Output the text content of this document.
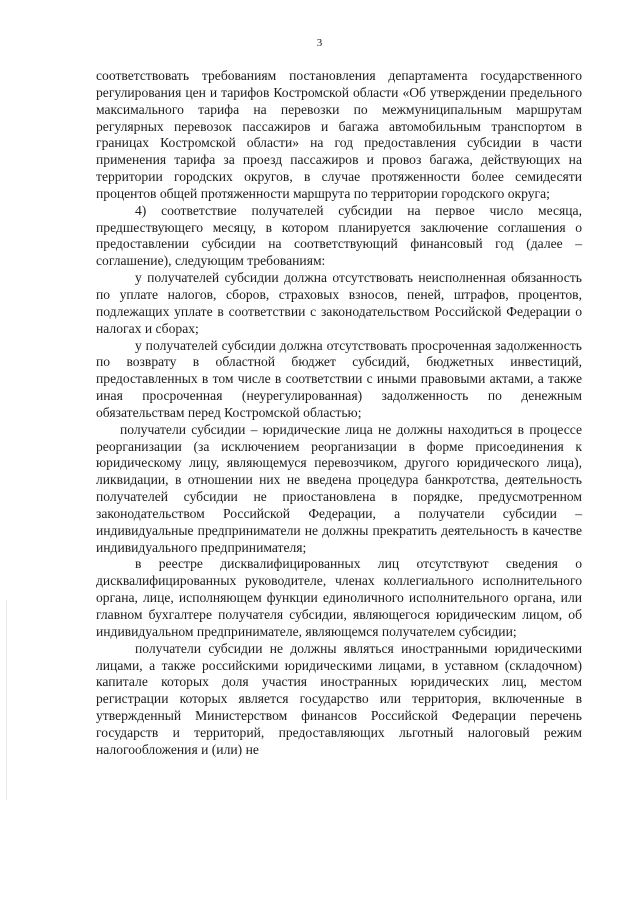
3

соответствовать требованиям постановления департамента государственного регулирования цен и тарифов Костромской области «Об утверждении предельного максимального тарифа на перевозки по межмуниципальным маршрутам регулярных перевозок пассажиров и багажа автомобильным транспортом в границах Костромской области» на год предоставления субсидии в части применения тарифа за проезд пассажиров и провоз багажа, действующих на территории городских округов, в случае протяженности более семидесяти процентов общей протяженности маршрута по территории городского округа;

4) соответствие получателей субсидии на первое число месяца, предшествующего месяцу, в котором планируется заключение соглашения о предоставлении субсидии на соответствующий финансовый год (далее – соглашение), следующим требованиям:

у получателей субсидии должна отсутствовать неисполненная обязанность по уплате налогов, сборов, страховых взносов, пеней, штрафов, процентов, подлежащих уплате в соответствии с законодательством Российской Федерации о налогах и сборах;

у получателей субсидии должна отсутствовать просроченная задолженность по возврату в областной бюджет субсидий, бюджетных инвестиций, предоставленных в том числе в соответствии с иными правовыми актами, а также иная просроченная (неурегулированная) задолженность по денежным обязательствам перед Костромской областью;

получатели субсидии – юридические лица не должны находиться в процессе реорганизации (за исключением реорганизации в форме присоединения к юридическому лицу, являющемуся перевозчиком, другого юридического лица), ликвидации, в отношении них не введена процедура банкротства, деятельность получателей субсидии не приостановлена в порядке, предусмотренном законодательством Российской Федерации, а получатели субсидии – индивидуальные предприниматели не должны прекратить деятельность в качестве индивидуального предпринимателя;

в реестре дисквалифицированных лиц отсутствуют сведения о дисквалифицированных руководителе, членах коллегиального исполнительного органа, лице, исполняющем функции единоличного исполнительного органа, или главном бухгалтере получателя субсидии, являющегося юридическим лицом, об индивидуальном предпринимателе, являющемся получателем субсидии;

получатели субсидии не должны являться иностранными юридическими лицами, а также российскими юридическими лицами, в уставном (складочном) капитале которых доля участия иностранных юридических лиц, местом регистрации которых является государство или территория, включенные в утвержденный Министерством финансов Российской Федерации перечень государств и территорий, предоставляющих льготный налоговый режим налогообложения и (или) не
